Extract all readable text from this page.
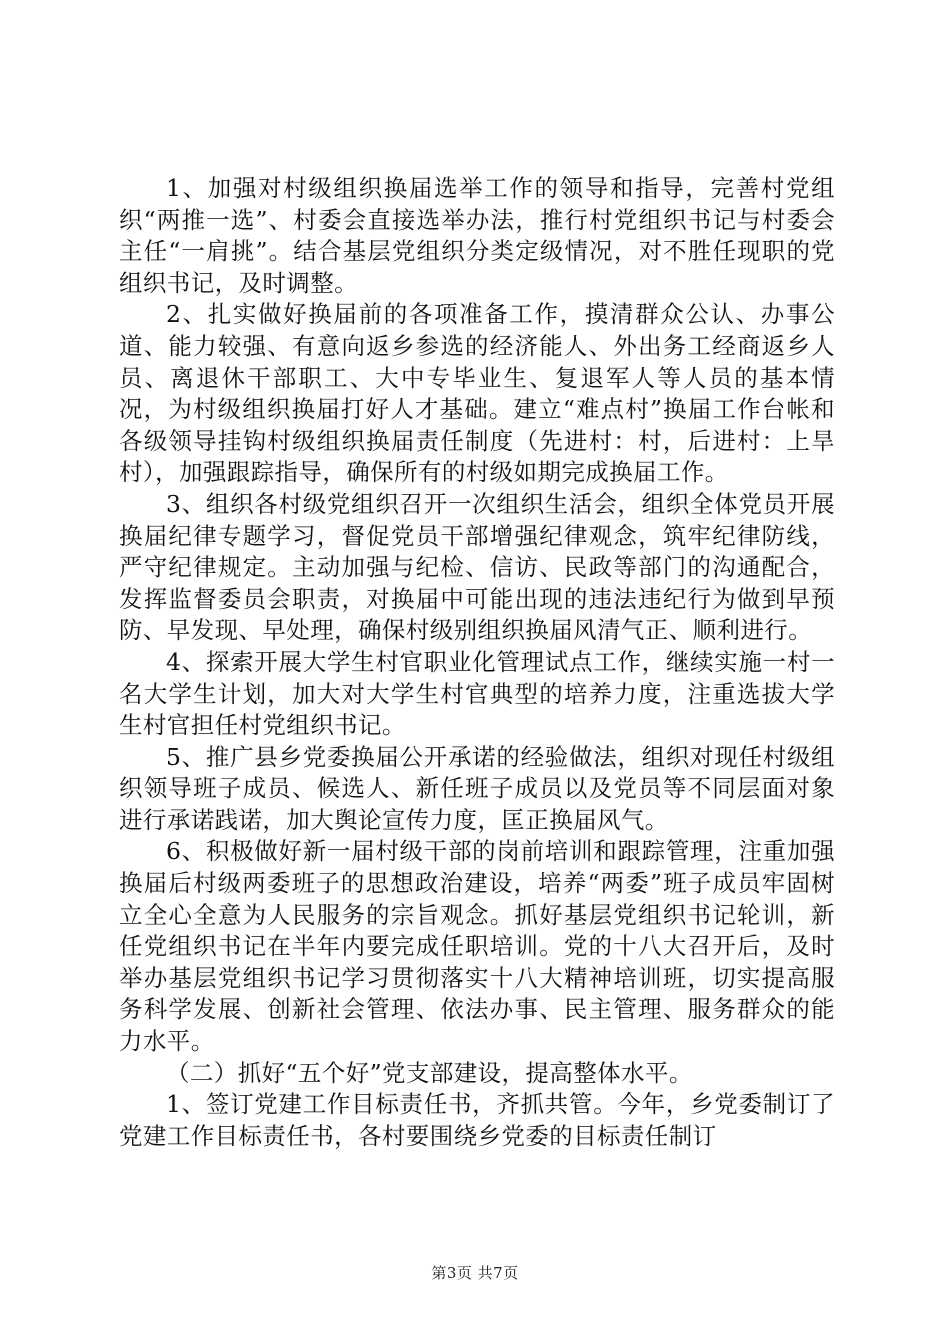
1、加强对村级组织换届选举工作的领导和指导，完善村党组织“两推一选”、村委会直接选举办法，推行村党组织书记与村委会主任“一肩挑”。结合基层党组织分类定级情况，对不胜任现职的党组织书记，及时调整。

2、扎实做好换届前的各项准备工作，摸清群众公认、办事公道、能力较强、有意向返乡参选的经济能人、外出务工经商返乡人员、离退休干部职工、大中专毕业生、复退军人等人员的基本情况，为村级组织换届打好人才基础。建立“难点村”换届工作台帐和各级领导挂钩村级组织换届责任制度（先进村：村，后进村：上旱村），加强跟踪指导，确保所有的村级如期完成换届工作。

3、组织各村级党组织召开一次组织生活会，组织全体党员开展换届纪律专题学习，督促党员干部增强纪律观念，筑牢纪律防线，严守纪律规定。主动加强与纪检、信访、民政等部门的沟通配合，发挥监督委员会职责，对换届中可能出现的违法违纪行为做到早预防、早发现、早处理，确保村级别组织换届风清气正、顺利进行。

4、探索开展大学生村官职业化管理试点工作，继续实施一村一名大学生计划，加大对大学生村官典型的培养力度，注重选拔大学生村官担任村党组织书记。

5、推广县乡党委换届公开承诺的经验做法，组织对现任村级组织领导班子成员、候选人、新任班子成员以及党员等不同层面对象进行承诺践诺，加大舆论宣传力度，匡正换届风气。

6、积极做好新一届村级干部的岗前培训和跟踪管理，注重加强换届后村级两委班子的思想政治建设，培养“两委”班子成员牢固树立全心全意为人民服务的宗旨观念。抓好基层党组织书记轮训，新任党组织书记在半年内要完成任职培训。党的十八大召开后，及时举办基层党组织书记学习贯彻落实十八大精神培训班，切实提高服务科学发展、创新社会管理、依法办事、民主管理、服务群众的能力水平。

（二）抓好“五个好”党支部建设，提高整体水平。

1、签订党建工作目标责任书，齐抓共管。今年，乡党委制订了党建工作目标责任书，各村要围绕乡党委的目标责任制订

第3页 共7页
